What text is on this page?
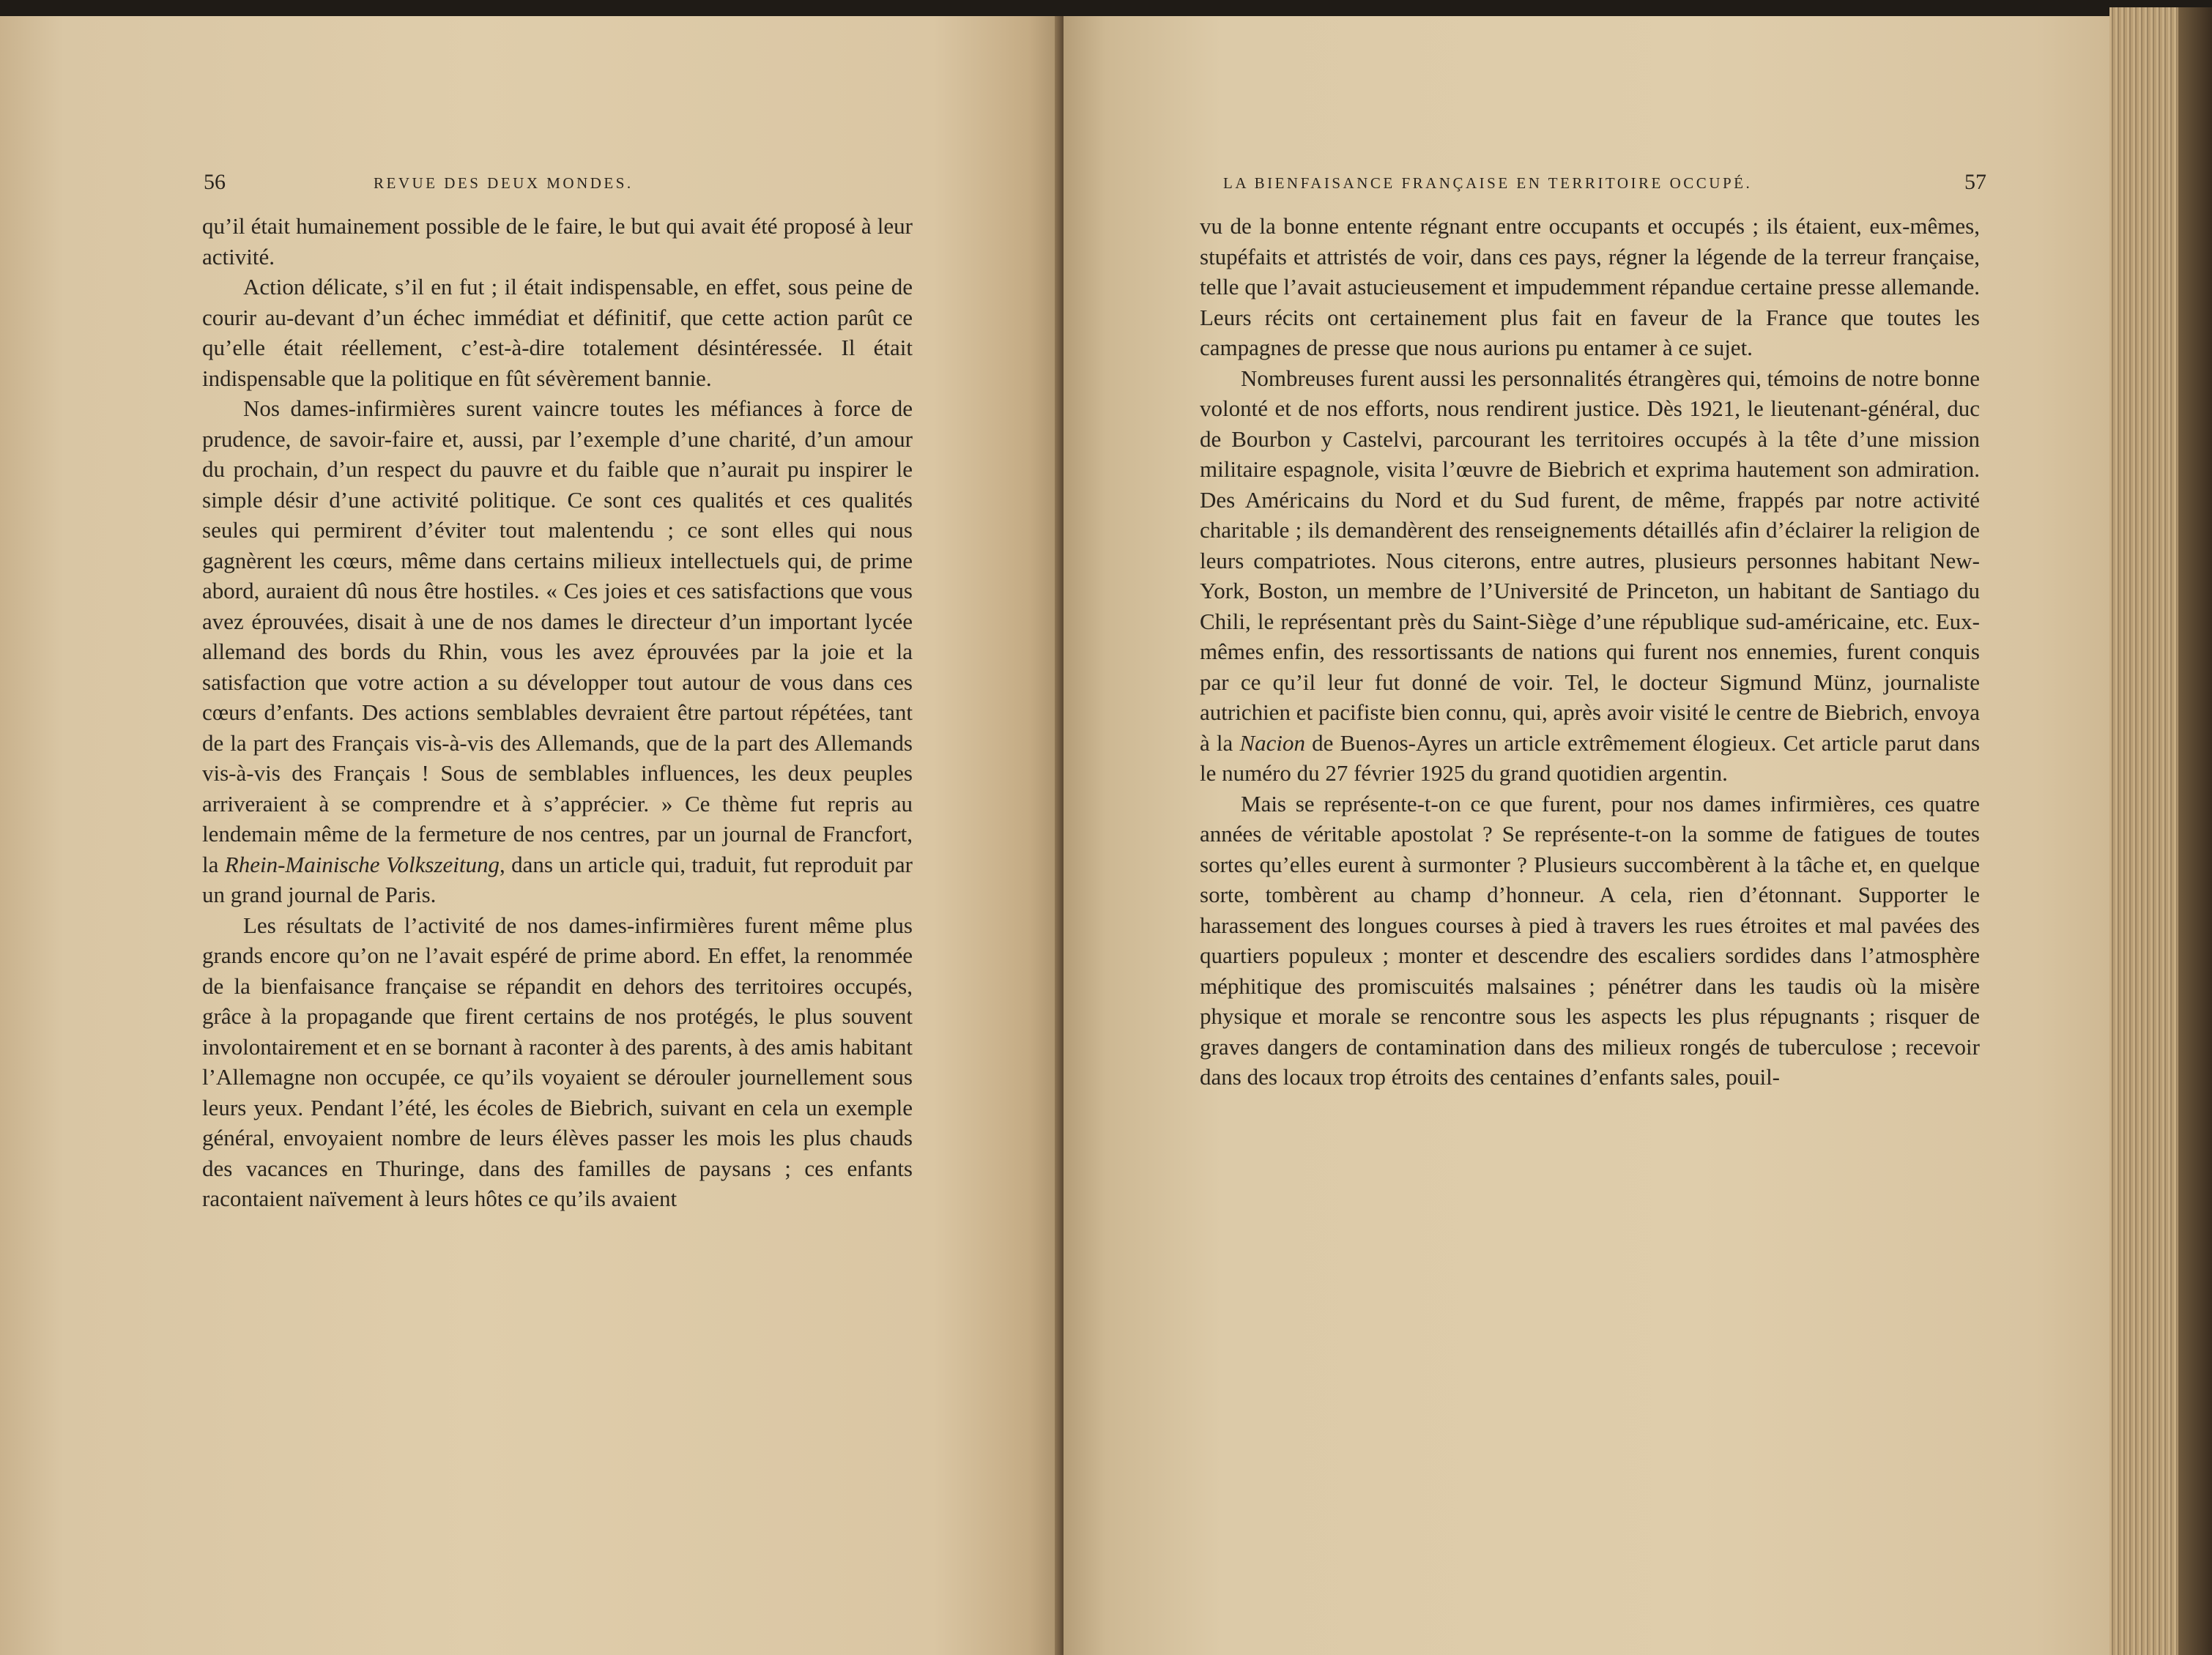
56	REVUE DES DEUX MONDES.

qu’il était humainement possible de le faire, le but qui avait été proposé à leur activité.

Action délicate, s’il en fut ; il était indispensable, en effet, sous peine de courir au-devant d’un échec immédiat et définitif, que cette action parût ce qu’elle était réellement, c’est-à-dire totalement désintéressée. Il était indispensable que la politique en fût sévèrement bannie.

Nos dames-infirmières surent vaincre toutes les méfiances à force de prudence, de savoir-faire et, aussi, par l’exemple d’une charité, d’un amour du prochain, d’un respect du pauvre et du faible que n’aurait pu inspirer le simple désir d’une activité politique. Ce sont ces qualités et ces qualités seules qui permirent d’éviter tout malentendu ; ce sont elles qui nous gagnèrent les cœurs, même dans certains milieux intellectuels qui, de prime abord, auraient dû nous être hostiles. « Ces joies et ces satisfactions que vous avez éprouvées, disait à une de nos dames le directeur d’un important lycée allemand des bords du Rhin, vous les avez éprouvées par la joie et la satisfaction que votre action a su développer tout autour de vous dans ces cœurs d’enfants. Des actions semblables devraient être partout répétées, tant de la part des Français vis-à-vis des Allemands, que de la part des Allemands vis-à-vis des Français ! Sous de semblables influences, les deux peuples arriveraient à se comprendre et à s’apprécier. » Ce thème fut repris au lendemain même de la fermeture de nos centres, par un journal de Francfort, la Rhein-Mainische Volkszeitung, dans un article qui, traduit, fut reproduit par un grand journal de Paris.

Les résultats de l’activité de nos dames-infirmières furent même plus grands encore qu’on ne l’avait espéré de prime abord. En effet, la renommée de la bienfaisance française se répandit en dehors des territoires occupés, grâce à la propagande que firent certains de nos protégés, le plus souvent involontairement et en se bornant à raconter à des parents, à des amis habitant l’Allemagne non occupée, ce qu’ils voyaient se dérouler journellement sous leurs yeux. Pendant l’été, les écoles de Biebrich, suivant en cela un exemple général, envoyaient nombre de leurs élèves passer les mois les plus chauds des vacances en Thuringe, dans des familles de paysans ; ces enfants racontaient naïvement à leurs hôtes ce qu’ils avaient

LA BIENFAISANCE FRANÇAISE EN TERRITOIRE OCCUPÉ.	57

vu de la bonne entente régnant entre occupants et occupés ; ils étaient, eux-mêmes, stupéfaits et attristés de voir, dans ces pays, régner la légende de la terreur française, telle que l’avait astucieusement et impudemment répandue certaine presse allemande. Leurs récits ont certainement plus fait en faveur de la France que toutes les campagnes de presse que nous aurions pu entamer à ce sujet.

Nombreuses furent aussi les personnalités étrangères qui, témoins de notre bonne volonté et de nos efforts, nous rendirent justice. Dès 1921, le lieutenant-général, duc de Bourbon y Castelvi, parcourant les territoires occupés à la tête d’une mission militaire espagnole, visita l’œuvre de Biebrich et exprima hautement son admiration. Des Américains du Nord et du Sud furent, de même, frappés par notre activité charitable ; ils demandèrent des renseignements détaillés afin d’éclairer la religion de leurs compatriotes. Nous citerons, entre autres, plusieurs personnes habitant New-York, Boston, un membre de l’Université de Princeton, un habitant de Santiago du Chili, le représentant près du Saint-Siège d’une république sud-américaine, etc. Eux-mêmes enfin, des ressortissants de nations qui furent nos ennemies, furent conquis par ce qu’il leur fut donné de voir. Tel, le docteur Sigmund Münz, journaliste autrichien et pacifiste bien connu, qui, après avoir visité le centre de Biebrich, envoya à la Nacion de Buenos-Ayres un article extrêmement élogieux. Cet article parut dans le numéro du 27 février 1925 du grand quotidien argentin.

Mais se représente-t-on ce que furent, pour nos dames infirmières, ces quatre années de véritable apostolat ? Se représente-t-on la somme de fatigues de toutes sortes qu’elles eurent à surmonter ? Plusieurs succombèrent à la tâche et, en quelque sorte, tombèrent au champ d’honneur. A cela, rien d’étonnant. Supporter le harassement des longues courses à pied à travers les rues étroites et mal pavées des quartiers populeux ; monter et descendre des escaliers sordides dans l’atmosphère méphitique des promiscuités malsaines ; pénétrer dans les taudis où la misère physique et morale se rencontre sous les aspects les plus répugnants ; risquer de graves dangers de contamination dans des milieux rongés de tuberculose ; recevoir dans des locaux trop étroits des centaines d’enfants sales, pouil-
